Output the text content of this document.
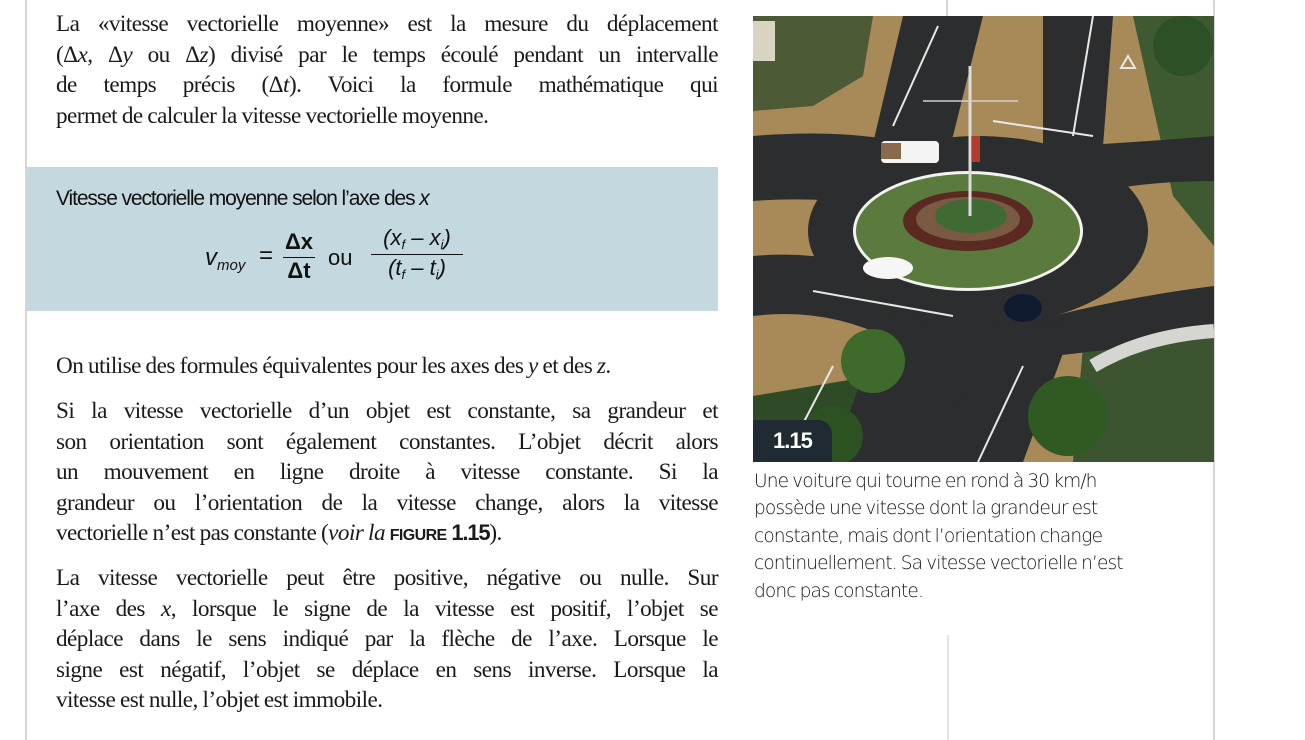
La «vitesse vectorielle moyenne» est la mesure du déplacement
(Δx, Δy ou Δz) divisé par le temps écoulé pendant un intervalle
de temps précis (Δt). Voici la formule mathématique qui
permet de calculer la vitesse vectorielle moyenne.
Vitesse vectorielle moyenne selon l’axe des x
$v_{moy} = \frac{\Delta x}{\Delta t}$ ou $\frac{(x_f - x_i)}{(t_f - t_i)}$
On utilise des formules équivalentes pour les axes des y et des z.
Si la vitesse vectorielle d’un objet est constante, sa grandeur et
son orientation sont également constantes. L’objet décrit alors
un mouvement en ligne droite à vitesse constante. Si la
grandeur ou l’orientation de la vitesse change, alors la vitesse
vectorielle n’est pas constante (voir la FIGURE 1.15).
La vitesse vectorielle peut être positive, négative ou nulle. Sur
l’axe des x, lorsque le signe de la vitesse est positif, l’objet se
déplace dans le sens indiqué par la flèche de l’axe. Lorsque le
signe est négatif, l’objet se déplace en sens inverse. Lorsque la
vitesse est nulle, l’objet est immobile.
1.15
Une voiture qui tourne en rond à 30 km/h
possède une vitesse dont la grandeur est
constante, mais dont l’orientation change
continuellement. Sa vitesse vectorielle n’est
donc pas constante.
